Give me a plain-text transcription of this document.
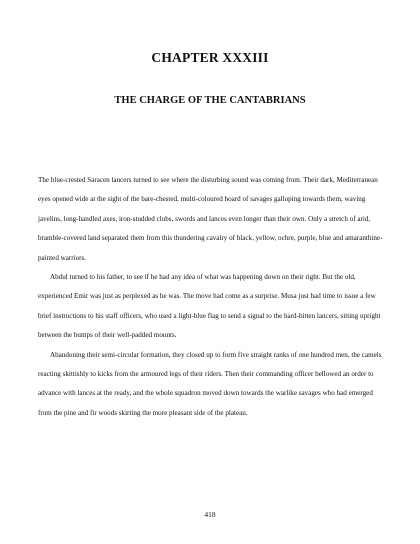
CHAPTER XXXIII
THE CHARGE OF THE CANTABRIANS

The blue-crested Saracen lancers turned to see where the disturbing sound was coming from. Their dark, Mediterranean eyes opened wide at the sight of the bare-chested, multi-coloured hoard of savages galloping towards them, waving javelins, long-handled axes, iron-studded clubs, swords and lances even longer than their own. Only a stretch of arid, bramble-covered land separated them from this thundering cavalry of black, yellow, ochre, purple, blue and amaranthine-painted warriors.

Abdul turned to his father, to see if he had any idea of what was happening down on their right. But the old, experienced Emir was just as perplexed as he was. The move had come as a surprise. Musa just had time to issue a few brief instructions to his staff officers, who used a light-blue flag to send a signal to the hard-bitten lancers, sitting upright between the bumps of their well-padded mounts.

Abandoning their semi-circular formation, they closed up to form five straight ranks of one hundred men, the camels reacting skittishly to kicks from the armoured legs of their riders. Then their commanding officer bellowed an order to advance with lances at the ready, and the whole squadron moved down towards the warlike savages who had emerged from the pine and fir woods skirting the more pleasant side of the plateau.

418
